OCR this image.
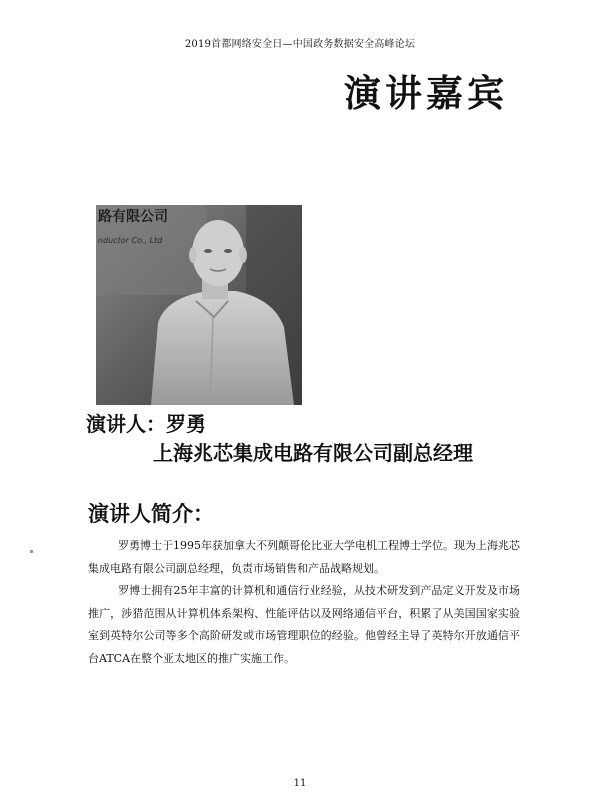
2019首都网络安全日—中国政务数据安全高峰论坛
演讲嘉宾
路有限公司
nductor Co., Ltd
演讲人：罗勇
上海兆芯集成电路有限公司副总经理
演讲人简介：
罗勇博士于1995年获加拿大不列颠哥伦比亚大学电机工程博士学位。现为上海兆芯集成电路有限公司副总经理，负责市场销售和产品战略规划。
罗博士拥有25年丰富的计算机和通信行业经验，从技术研发到产品定义开发及市场推广，涉猎范围从计算机体系架构、性能评估以及网络通信平台，积累了从美国国家实验室到英特尔公司等多个高阶研发或市场管理职位的经验。他曾经主导了英特尔开放通信平台ATCA在整个亚太地区的推广实施工作。
11
